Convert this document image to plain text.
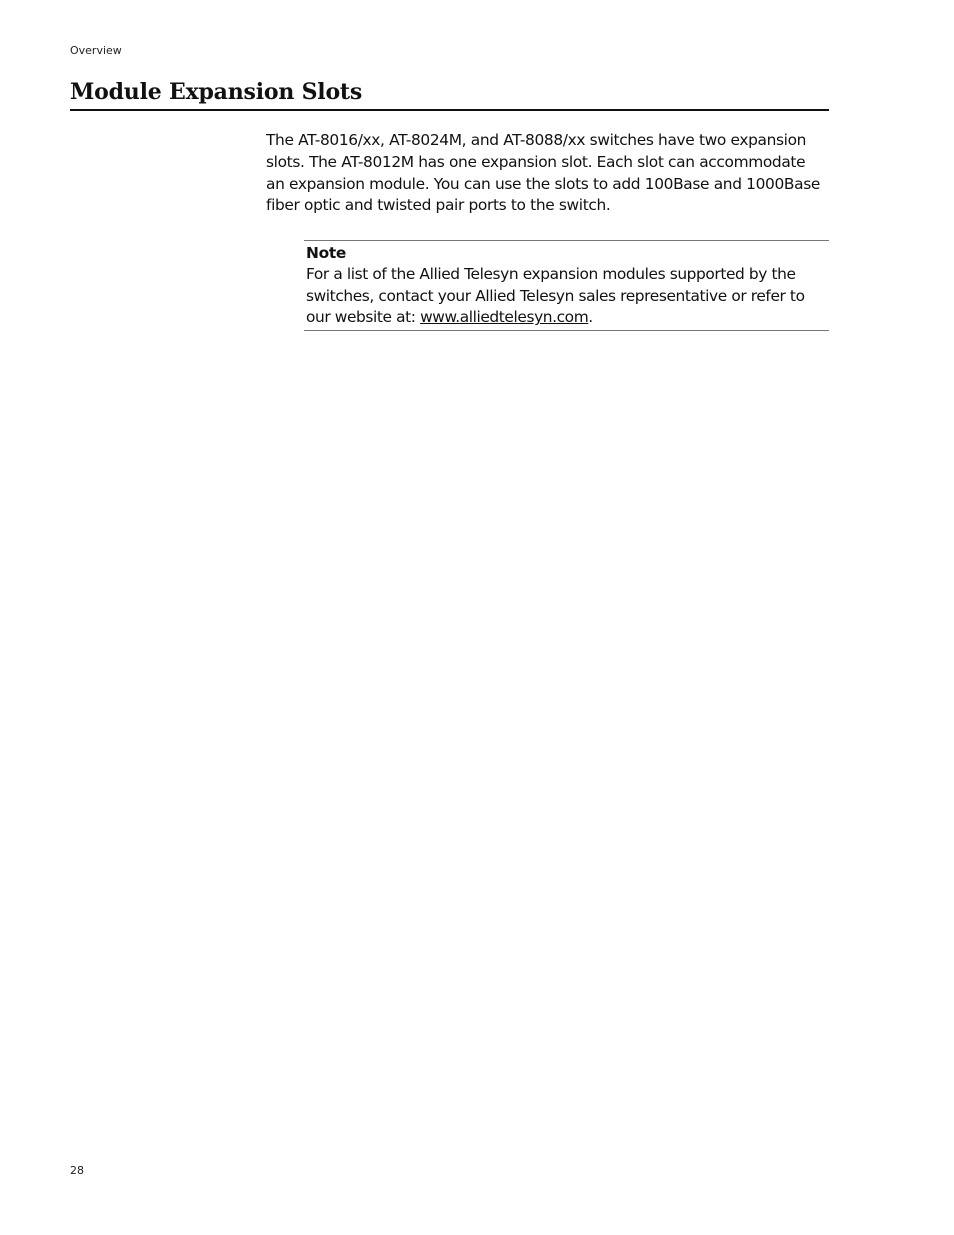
Overview
Module Expansion Slots

The AT-8016/xx, AT-8024M, and AT-8088/xx switches have two expansion slots. The AT-8012M has one expansion slot. Each slot can accommodate an expansion module. You can use the slots to add 100Base and 1000Base fiber optic and twisted pair ports to the switch.

Note

For a list of the Allied Telesyn expansion modules supported by the switches, contact your Allied Telesyn sales representative or refer to our website at: www.alliedtelesyn.com.

28
